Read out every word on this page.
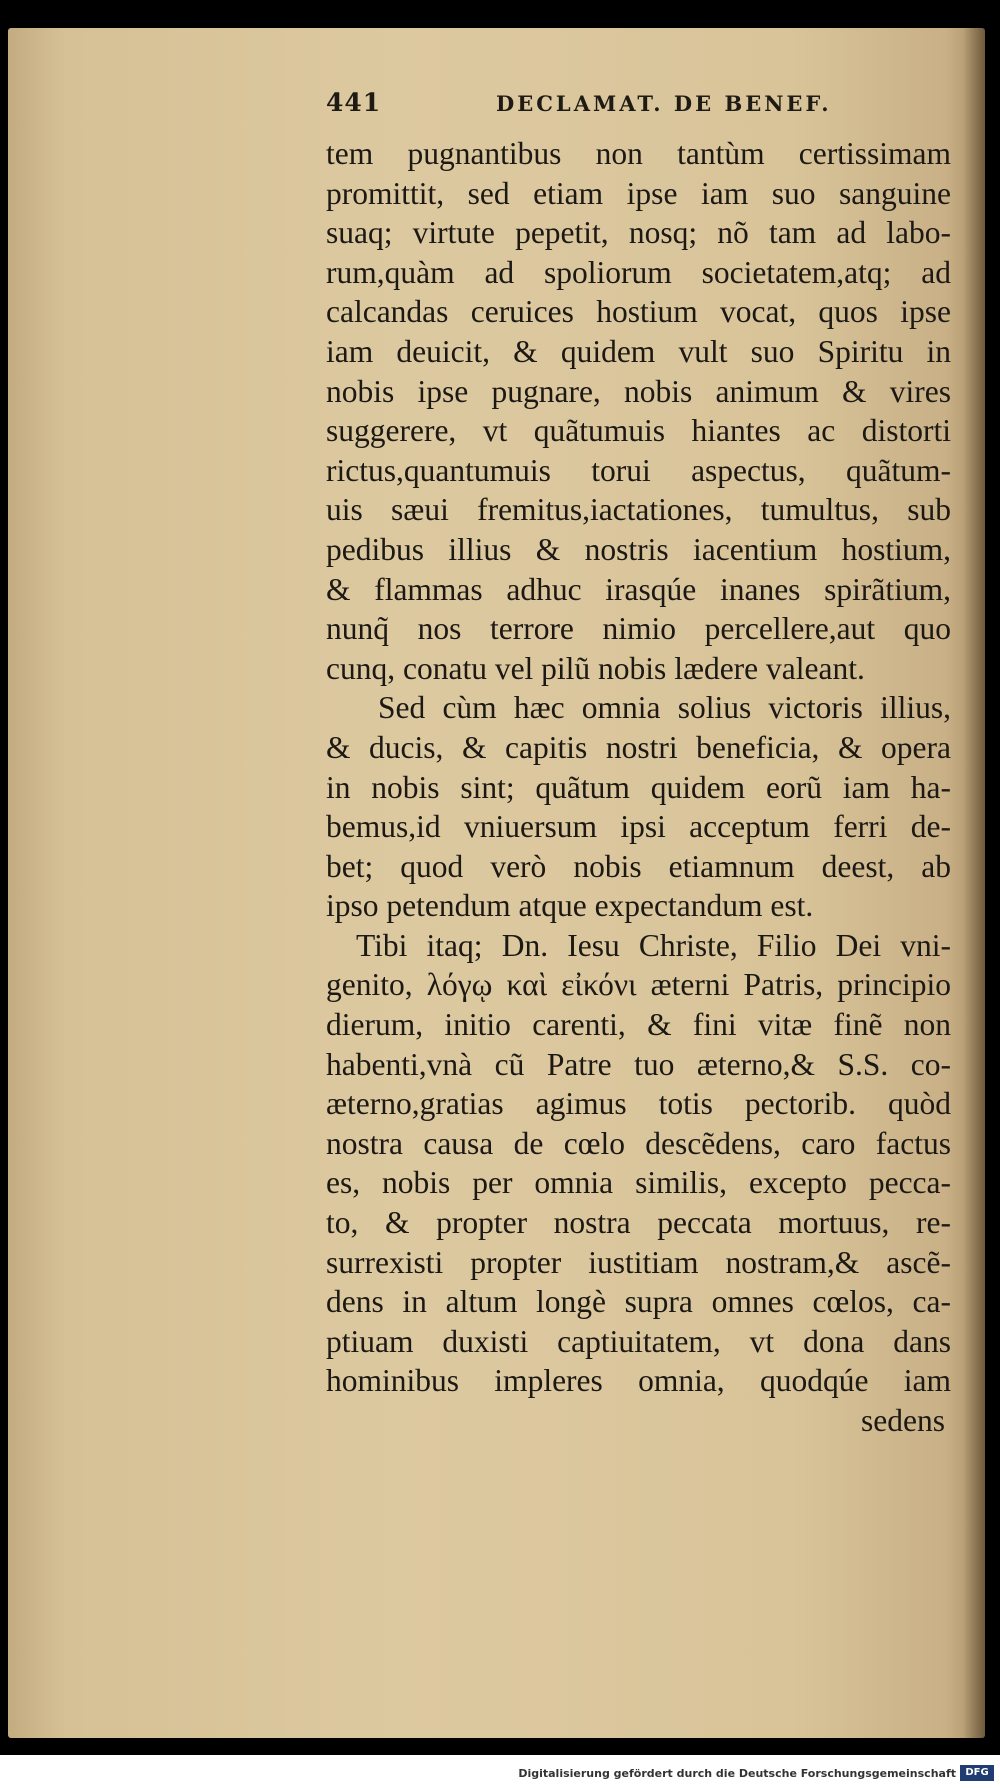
441	DECLAMAT. DE BENEF.
tem pugnantibus non tantùm certissimam
promittit, sed etiam ipse iam suo sanguine
suaq; virtute pepetit, nosq; nõ tam ad labo-
rum,quàm ad spoliorum societatem,atq; ad
calcandas ceruices hostium vocat, quos ipse
iam deuicit, & quidem vult suo Spiritu in
nobis ipse pugnare, nobis animum & vires
suggerere, vt quãtumuis hiantes ac distorti
rictus,quantumuis torui aspectus, quãtum-
uis sæui fremitus,iactationes, tumultus, sub
pedibus illius & nostris iacentium hostium,
& flammas adhuc irasqúe inanes spirãtium,
nunq̃ nos terrore nimio percellere,aut quo
cunq, conatu vel pilũ nobis lædere valeant.
Sed cùm hæc omnia solius victoris illius,
& ducis, & capitis nostri beneficia, & opera
in nobis sint; quãtum quidem eorũ iam ha-
bemus,id vniuersum ipsi acceptum ferri de-
bet; quod verò nobis etiamnum deest, ab
ipso petendum atque expectandum est.
Tibi itaq; Dn. Iesu Christe, Filio Dei vni-
genito, λόγῳ καὶ εἰκόνι æterni Patris, principio
dierum, initio carenti, & fini vitæ finẽ non
habenti,vnà cũ Patre tuo æterno,& S.S. co-
æterno,gratias agimus totis pectorib. quòd
nostra causa de cœlo descẽdens, caro factus
es, nobis per omnia similis, excepto pecca-
to, & propter nostra peccata mortuus, re-
surrexisti propter iustitiam nostram,& ascẽ-
dens in altum longè supra omnes cœlos, ca-
ptiuam duxisti captiuitatem, vt dona dans
hominibus impleres omnia, quodqúe iam
sedens
Digitalisierung gefördert durch die Deutsche Forschungsgemeinschaft DFG
